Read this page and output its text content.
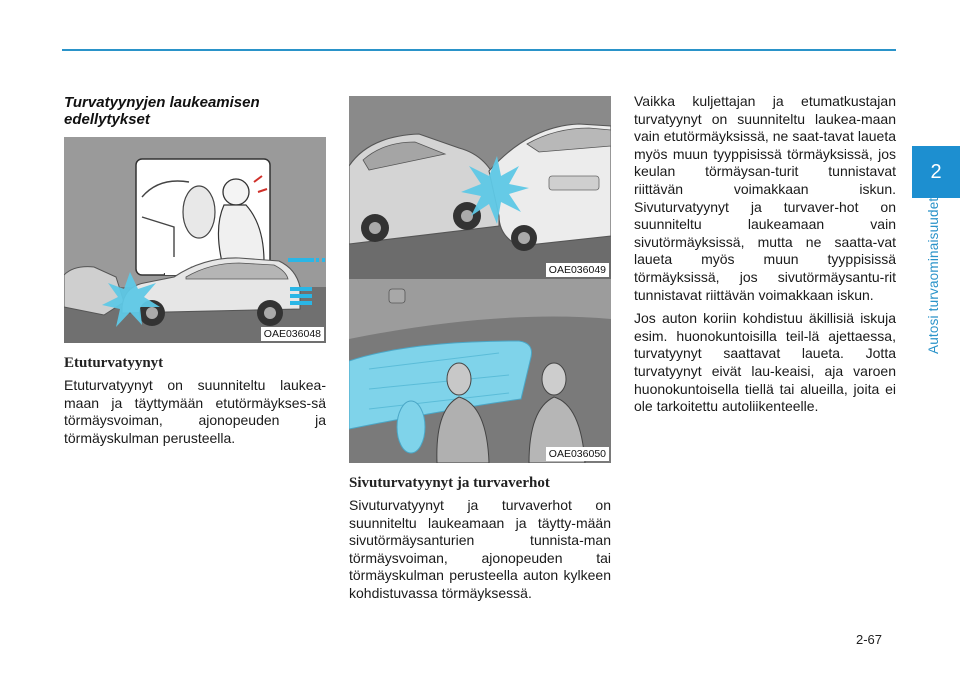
2
Autosi turvaominaisuudet
Turvatyynyjen laukeamisen edellytykset
OAE036048
Etuturvatyynyt
Etuturvatyynyt on suunniteltu laukea-maan ja täyttymään etutörmäykses-sä törmäysvoiman, ajonopeuden ja törmäyskulman perusteella.
OAE036049
OAE036050
Sivuturvatyynyt ja turvaverhot
Sivuturvatyynyt ja turvaverhot on suunniteltu laukeamaan ja täytty-mään sivutörmäysanturien tunnista-man törmäysvoiman, ajonopeuden tai törmäyskulman perusteella auton kylkeen kohdistuvassa törmäyksessä.
Vaikka kuljettajan ja etumatkustajan turvatyynyt on suunniteltu laukea-maan vain etutörmäyksissä, ne saat-tavat laueta myös muun tyyppisissä törmäyksissä, jos keulan törmäysan-turit tunnistavat riittävän voimakkaan iskun. Sivuturvatyynyt ja turvaver-hot on suunniteltu laukeamaan vain sivutörmäyksissä, mutta ne saatta-vat laueta myös muun tyyppisissä törmäyksissä, jos sivutörmäysantu-rit tunnistavat riittävän voimakkaan iskun.
Jos auton koriin kohdistuu äkillisiä iskuja esim. huonokuntoisilla teil-lä ajettaessa, turvatyynyt saattavat laueta. Jotta turvatyynyt eivät lau-keaisi, aja varoen huonokuntoisella tiellä tai alueilla, joita ei ole tarkoitettu autoliikenteelle.
2-67
